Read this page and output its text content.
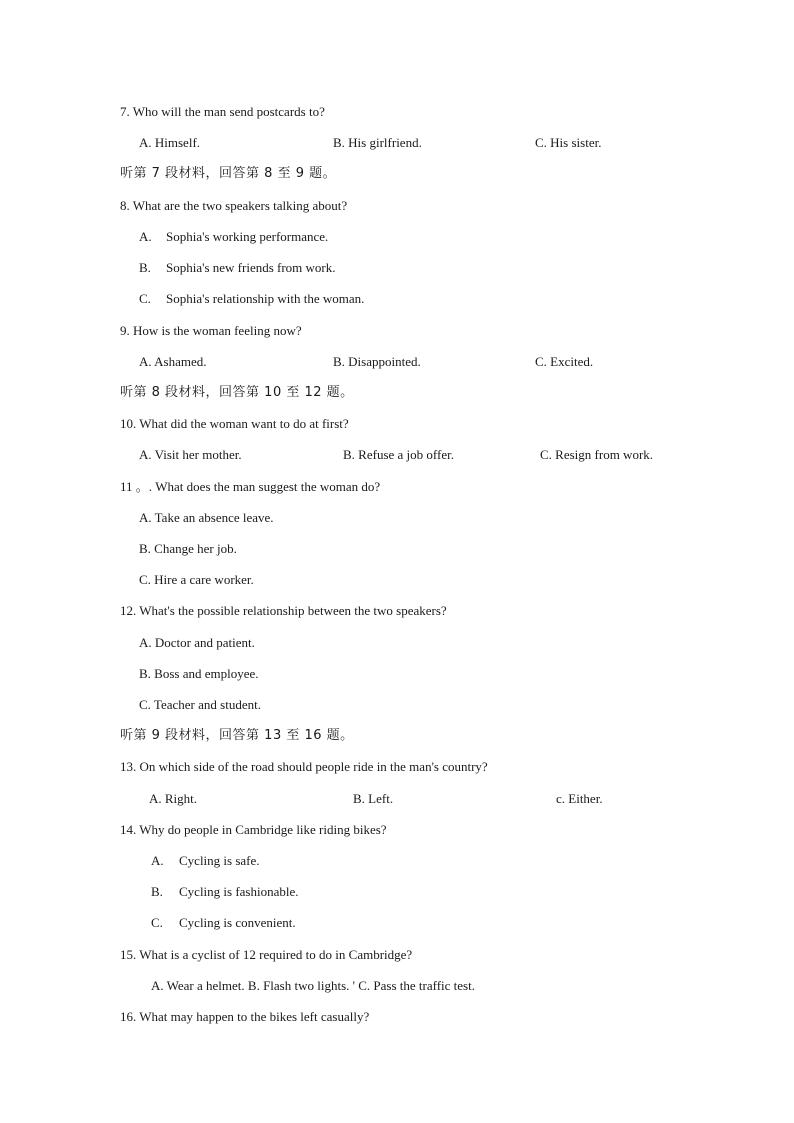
7. Who will the man send postcards to?
A. Himself.	B. His girlfriend.	C. His sister.
听第 7 段材料，回答第 8 至 9 题。
8. What are the two speakers talking about?
A. Sophia's working performance.
B. Sophia's new friends from work.
C. Sophia's relationship with the woman.
9. How is the woman feeling now?
A. Ashamed.	B. Disappointed.	C. Excited.
听第 8 段材料，回答第 10 至 12 题。
10. What did the woman want to do at first?
A. Visit her mother.	B. Refuse a job offer.	C. Resign from work.
11 。. What does the man suggest the woman do?
A. Take an absence leave.
B. Change her job.
C. Hire a care worker.
12. What's the possible relationship between the two speakers?
A. Doctor and patient.
B. Boss and employee.
C. Teacher and student.
听第 9 段材料，回答第 13 至 16 题。
13. On which side of the road should people ride in the man's country?
A. Right.	B. Left.	c. Either.
14. Why do people in Cambridge like riding bikes?
A. Cycling is safe.
B. Cycling is fashionable.
C. Cycling is convenient.
15. What is a cyclist of 12 required to do in Cambridge?
A. Wear a helmet. B. Flash two lights. ' C. Pass the traffic test.
16. What may happen to the bikes left casually?
